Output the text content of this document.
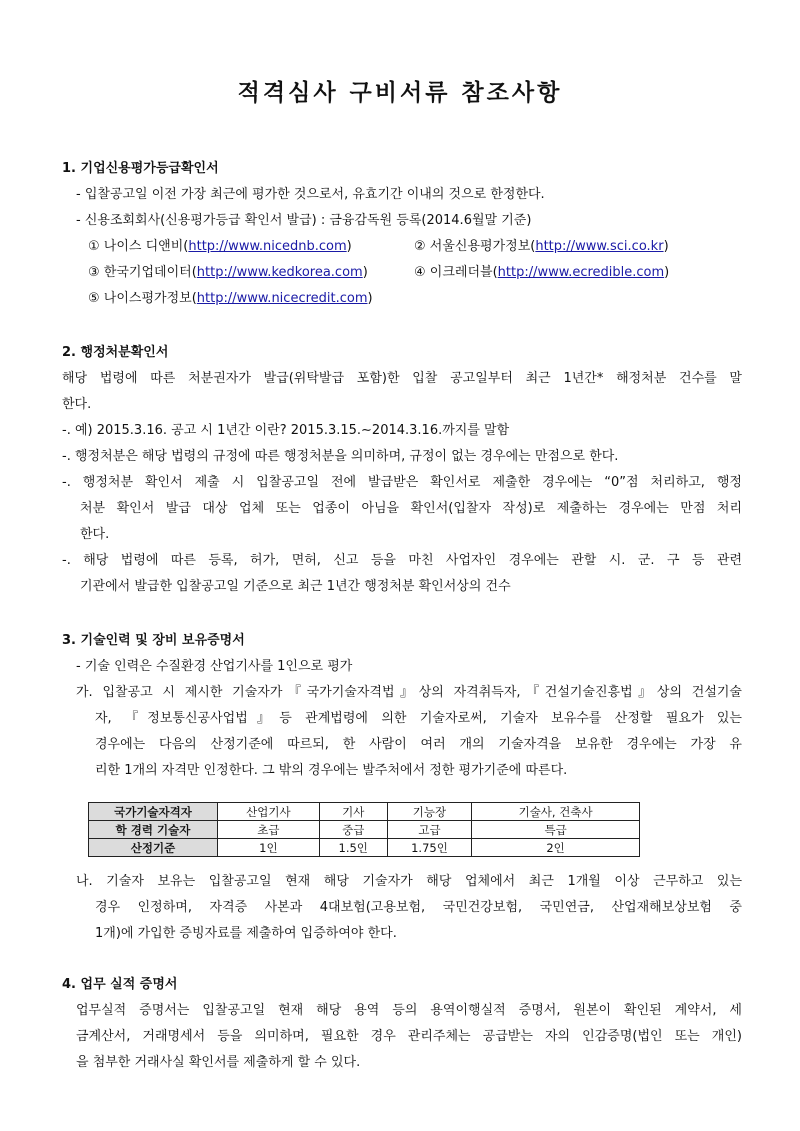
적격심사 구비서류 참조사항
1. 기업신용평가등급확인서
- 입찰공고일 이전 가장 최근에 평가한 것으로서, 유효기간 이내의 것으로 한정한다.
- 신용조회회사(신용평가등급 확인서 발급) : 금융감독원 등록(2014.6월말 기준)
① 나이스 디앤비(http://www.nicednb.com)	② 서울신용평가정보(http://www.sci.co.kr)
③ 한국기업데이터(http://www.kedkorea.com)	④ 이크레더블(http://www.ecredible.com)
⑤ 나이스평가정보(http://www.nicecredit.com)
2. 행정처분확인서
해당 법령에 따른 처분권자가 발급(위탁발급 포함)한 입찰 공고일부터 최근 1년간* 해정처분 건수를 말
한다.
-. 예) 2015.3.16. 공고 시 1년간 이란? 2015.3.15.∼2014.3.16.까지를 말함
-. 행정처분은 해당 법령의 규정에 따른 행정처분을 의미하며, 규정이 없는 경우에는 만점으로 한다.
-. 행정처분 확인서 제출 시 입찰공고일 전에 발급받은 확인서로 제출한 경우에는 “0”점 처리하고, 행정
처분 확인서 발급 대상 업체 또는 업종이 아님을 확인서(입찰자 작성)로 제출하는 경우에는 만점 처리
한다.
-. 해당 법령에 따른 등록, 허가, 면허, 신고 등을 마친 사업자인 경우에는 관할 시. 군. 구 등 관련
기관에서 발급한 입찰공고일 기준으로 최근 1년간 행정처분 확인서상의 건수
3. 기술인력 및 장비 보유증명서
- 기술 인력은 수질환경 산업기사를 1인으로 평가
가. 입찰공고 시 제시한 기술자가『국가기술자격법』상의 자격취득자,『건설기술진흥법』상의 건설기술
자, 『정보통신공사업법』등 관계법령에 의한 기술자로써, 기술자 보유수를 산정할 필요가 있는
경우에는 다음의 산정기준에 따르되, 한 사람이 여러 개의 기술자격을 보유한 경우에는 가장 유
리한 1개의 자격만 인정한다. 그 밖의 경우에는 발주처에서 정한 평가기준에 따른다.
국가기술자격자	산업기사	기사	기능장	기술사, 건축사
학 경력 기술자	초급	중급	고급	특급
산정기준	1인	1.5인	1.75인	2인
나. 기술자 보유는 입찰공고일 현재 해당 기술자가 해당 업체에서 최근 1개월 이상 근무하고 있는
경우 인정하며, 자격증 사본과 4대보험(고용보험, 국민건강보험, 국민연금, 산업재해보상보험 중
1개)에 가입한 증빙자료를 제출하여 입증하여야 한다.
4. 업무 실적 증명서
업무실적 증명서는 입찰공고일 현재 해당 용역 등의 용역이행실적 증명서, 원본이 확인된 계약서, 세
금계산서, 거래명세서 등을 의미하며, 필요한 경우 관리주체는 공급받는 자의 인감증명(법인 또는 개인)
을 첨부한 거래사실 확인서를 제출하게 할 수 있다.
